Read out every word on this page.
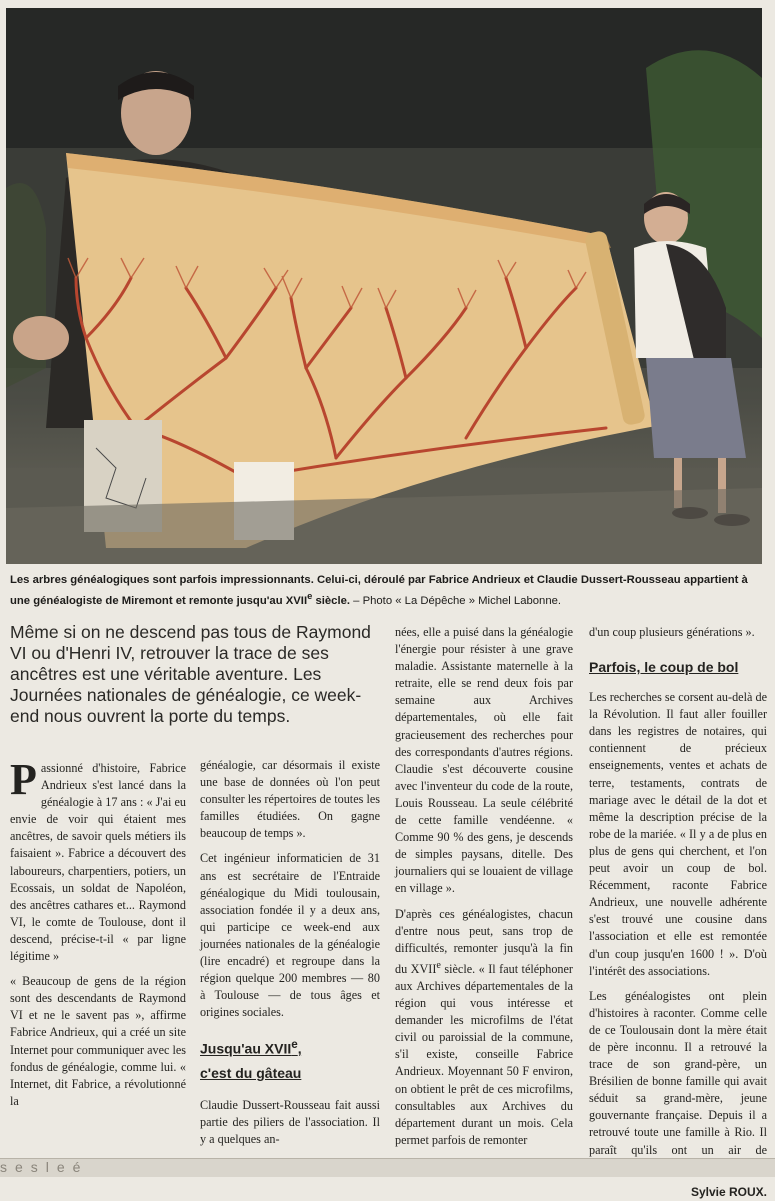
Les arbres généalogiques sont parfois impressionnants. Celui-ci, déroulé par Fabrice Andrieux et Claudie Dussert-Rousseau appartient à une généalogiste de Miremont et remonte jusqu'au XVIIe siècle. – Photo « La Dépêche » Michel Labonne.
Même si on ne descend pas tous de Raymond VI ou d'Henri IV, retrouver la trace de ses ancêtres est une véritable aventure. Les Journées nationales de généalogie, ce week-end nous ouvrent la porte du temps.

Passionné d'histoire, Fabrice Andrieux s'est lancé dans la généalogie à 17 ans : « J'ai eu envie de voir qui étaient mes ancêtres, de savoir quels métiers ils faisaient ». Fabrice a découvert des laboureurs, charpentiers, potiers, un Ecossais, un soldat de Napoléon, des ancêtres cathares et... Raymond VI, le comte de Toulouse, dont il descend, précise-t-il « par ligne légitime »

« Beaucoup de gens de la région sont des descendants de Raymond VI et ne le savent pas », affirme Fabrice Andrieux, qui a créé un site Internet pour communiquer avec les fondus de généalogie, comme lui. « Internet, dit Fabrice, a révolutionné la

généalogie, car désormais il existe une base de données où l'on peut consulter les répertoires de toutes les familles étudiées. On gagne beaucoup de temps ».

Cet ingénieur informaticien de 31 ans est secrétaire de l'Entraide généalogique du Midi toulousain, association fondée il y a deux ans, qui participe ce week-end aux journées nationales de la généalogie (lire encadré) et regroupe dans la région quelque 200 membres — 80 à Toulouse — de tous âges et origines sociales.

Jusqu'au XVIIe,
c'est du gâteau

Claudie Dussert-Rousseau fait aussi partie des piliers de l'association. Il y a quelques an-

nées, elle a puisé dans la généalogie l'énergie pour résister à une grave maladie. Assistante maternelle à la retraite, elle se rend deux fois par semaine aux Archives départementales, où elle fait gracieusement des recherches pour des correspondants d'autres régions. Claudie s'est découverte cousine avec l'inventeur du code de la route, Louis Rousseau. La seule célébrité de cette famille vendéenne. « Comme 90 % des gens, je descends de simples paysans, ditelle. Des journaliers qui se louaient de village en village ».

D'après ces généalogistes, chacun d'entre nous peut, sans trop de difficultés, remonter jusqu'à la fin du XVIIe siècle. « Il faut téléphoner aux Archives départementales de la région qui vous intéresse et demander les microfilms de l'état civil ou paroissial de la commune, s'il existe, conseille Fabrice Andrieux. Moyennant 50 F environ, on obtient le prêt de ces microfilms, consultables aux Archives du département durant un mois. Cela permet parfois de remonter

d'un coup plusieurs générations ».

Parfois, le coup de bol

Les recherches se corsent au-delà de la Révolution. Il faut aller fouiller dans les registres de notaires, qui contiennent de précieux enseignements, ventes et achats de terre, testaments, contrats de mariage avec le détail de la dot et même la description précise de la robe de la mariée. « Il y a de plus en plus de gens qui cherchent, et l'on peut avoir un coup de bol. Récemment, raconte Fabrice Andrieux, une nouvelle adhérente s'est trouvé une cousine dans l'association et elle est remontée d'un coup jusqu'en 1600 ! ». D'où l'intérêt des associations.

Les généalogistes ont plein d'histoires à raconter. Comme celle de ce Toulousain dont la mère était de père inconnu. Il a retrouvé la trace de son grand-père, un Brésilien de bonne famille qui avait séduit sa grand-mère, jeune gouvernante française. Depuis il a retrouvé toute une famille à Rio. Il paraît qu'ils ont un air de

Sylvie ROUX.
sesleé
